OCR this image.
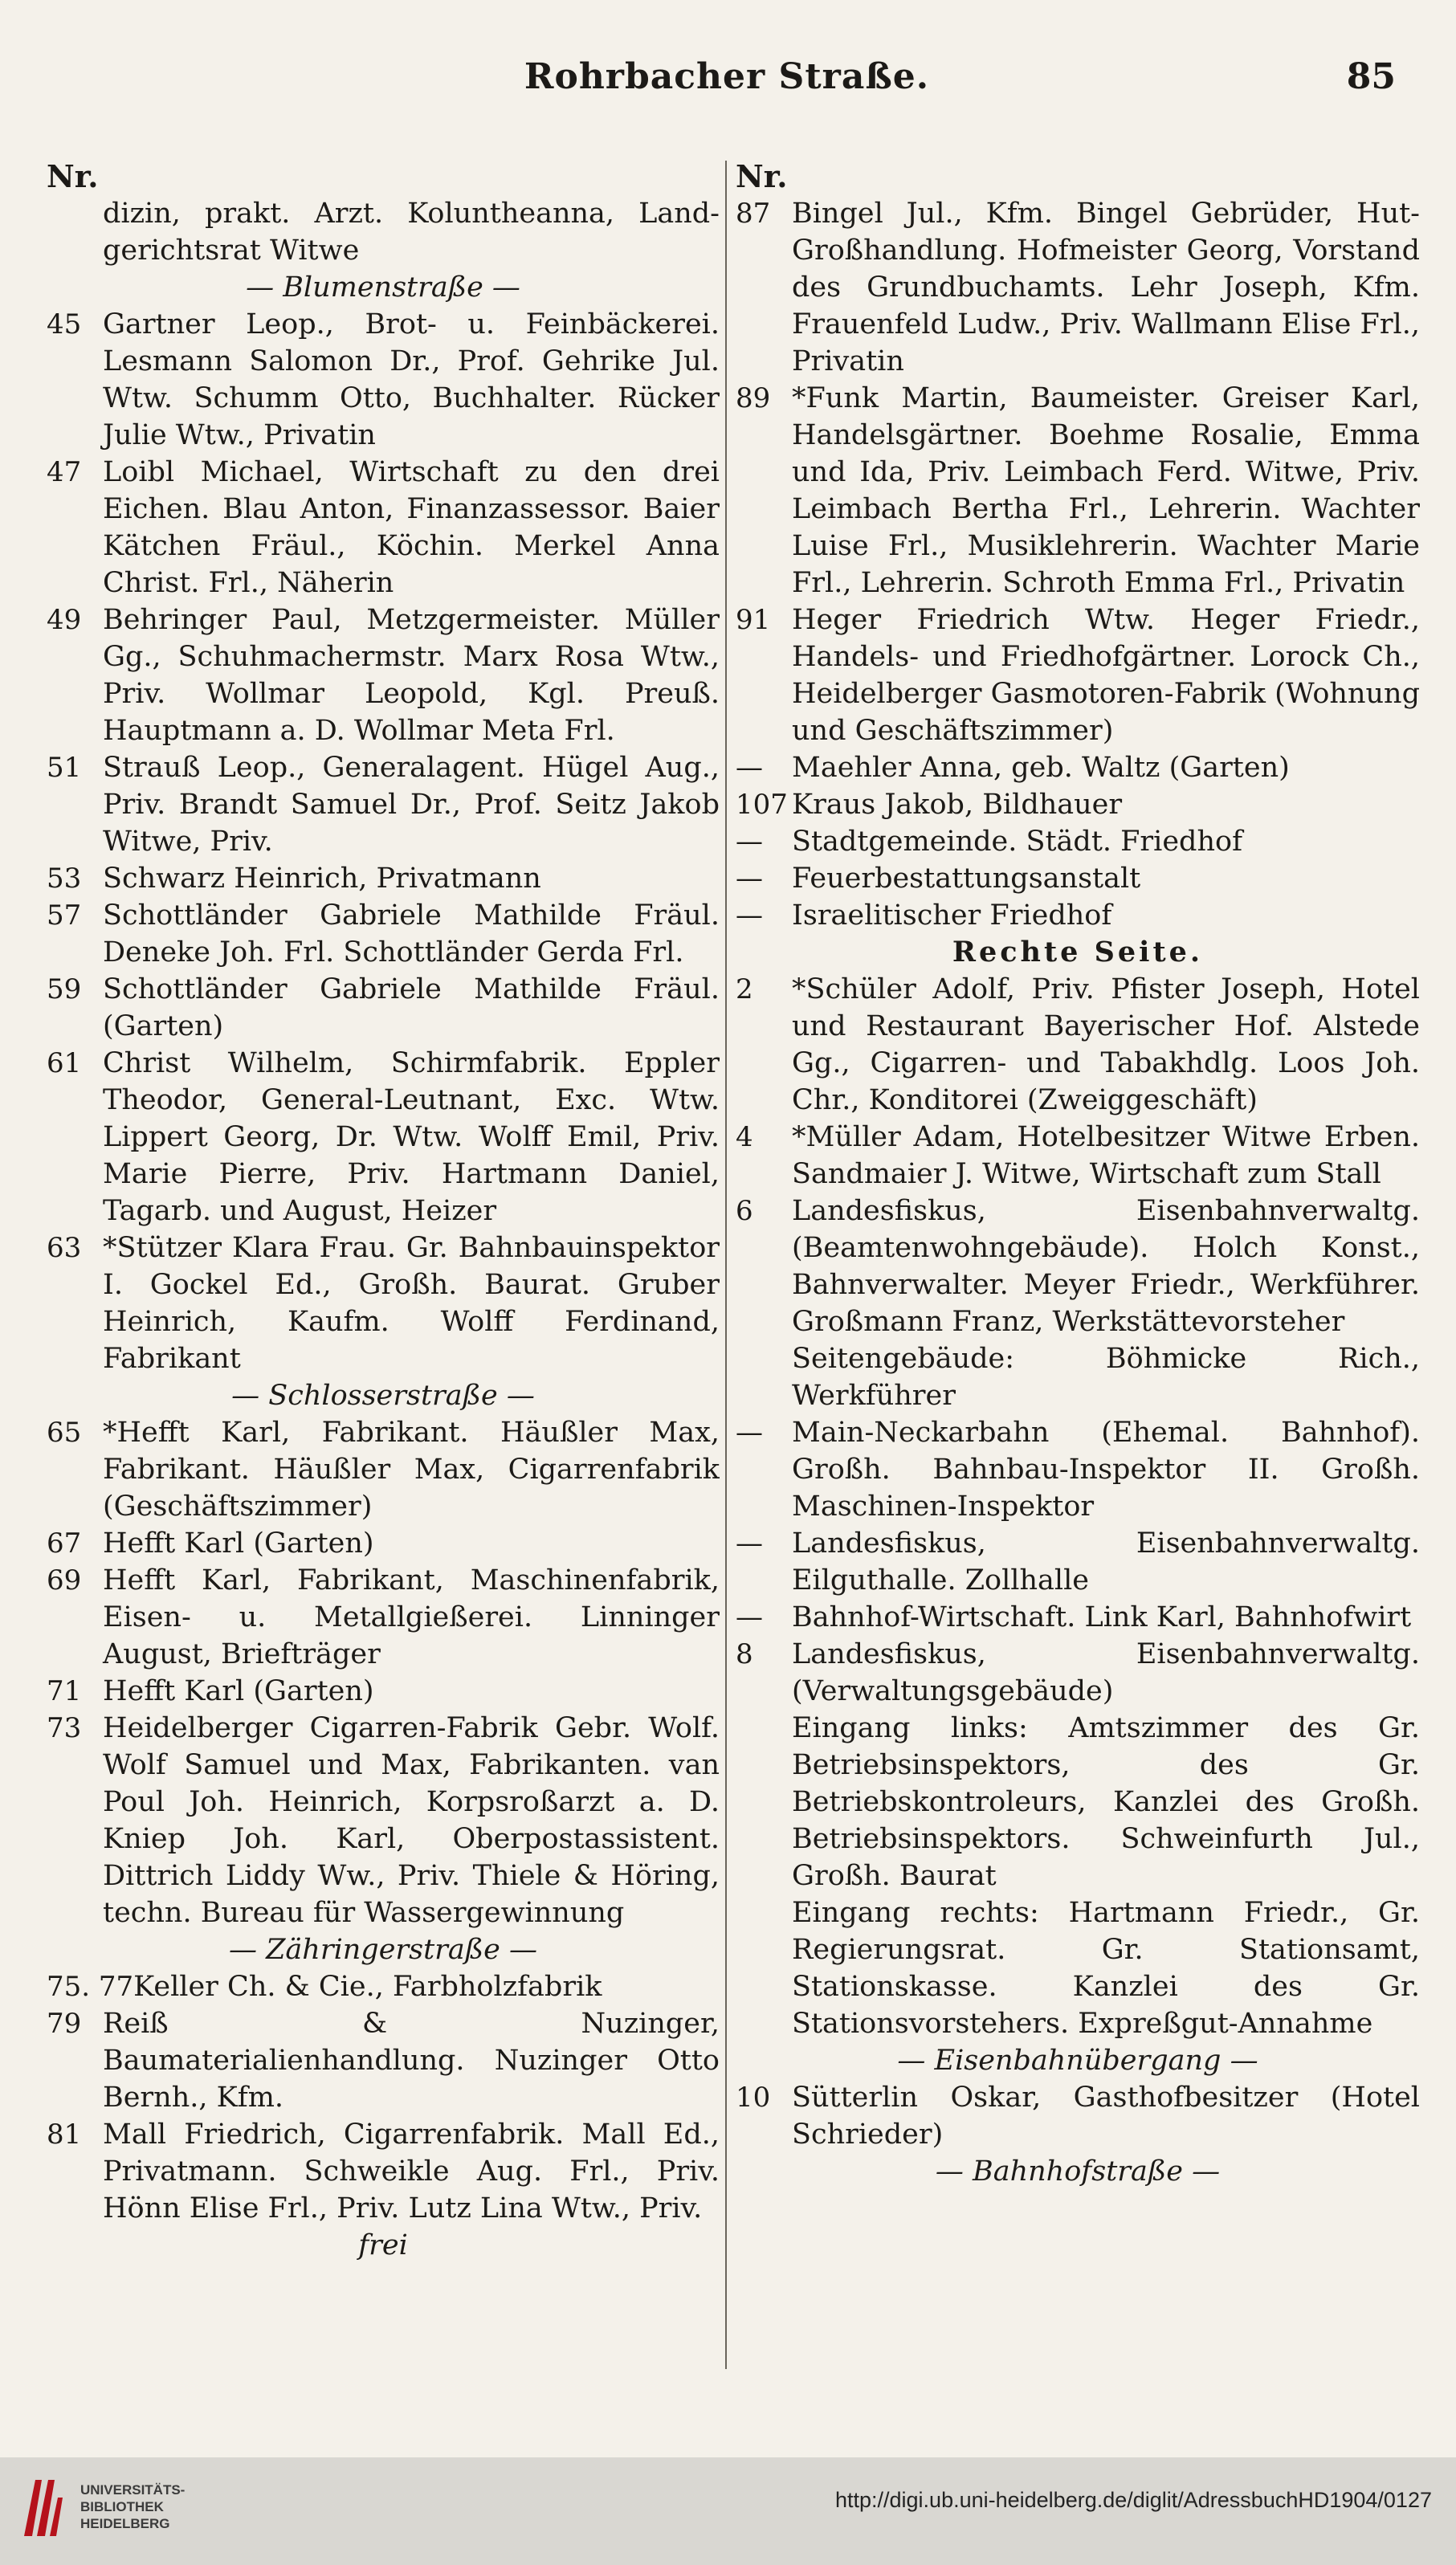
Rohrbacher Straße.	85
Nr.
dizin, prakt. Arzt. Koluntheanna, Land-gerichtsrat Witwe
— Blumenstraße —
45 Gartner Leop., Brot- u. Feinbäckerei. Lesmann Salomon Dr., Prof. Gehrike Jul. Wtw. Schumm Otto, Buchhalter. Rücker Julie Wtw., Privatin
47 Loibl Michael, Wirtschaft zu den drei Eichen. Blau Anton, Finanzassessor. Baier Kätchen Fräul., Köchin. Merkel Anna Christ. Frl., Näherin
49 Behringer Paul, Metzgermeister. Müller Gg., Schuhmachermstr. Marx Rosa Wtw., Priv. Wollmar Leopold, Kgl. Preuß. Hauptmann a. D. Wollmar Meta Frl.
51 Strauß Leop., Generalagent. Hügel Aug., Priv. Brandt Samuel Dr., Prof. Seitz Jakob Witwe, Priv.
53 Schwarz Heinrich, Privatmann
57 Schottländer Gabriele Mathilde Fräul. Deneke Joh. Frl. Schottländer Gerda Frl.
59 Schottländer Gabriele Mathilde Fräul. (Garten)
61 Christ Wilhelm, Schirmfabrik. Eppler Theodor, General-Leutnant, Exc. Wtw. Lippert Georg, Dr. Wtw. Wolff Emil, Priv. Marie Pierre, Priv. Hartmann Daniel, Tagarb. und August, Heizer
63 *Stützer Klara Frau. Gr. Bahnbauinspektor I. Gockel Ed., Großh. Baurat. Gruber Heinrich, Kaufm. Wolff Ferdinand, Fabrikant
— Schlosserstraße —
65 *Hefft Karl, Fabrikant. Häußler Max, Fabrikant. Häußler Max, Cigarrenfabrik (Geschäftszimmer)
67 Hefft Karl (Garten)
69 Hefft Karl, Fabrikant, Maschinenfabrik, Eisen- u. Metallgießerei. Linninger August, Briefträger
71 Hefft Karl (Garten)
73 Heidelberger Cigarren-Fabrik Gebr. Wolf. Wolf Samuel und Max, Fabrikanten. van Poul Joh. Heinrich, Korpsroßarzt a. D. Kniep Joh. Karl, Oberpostassistent. Dittrich Liddy Ww., Priv. Thiele & Höring, techn. Bureau für Wassergewinnung
— Zähringerstraße —
75. 77 Keller Ch. & Cie., Farbholzfabrik
79 Reiß & Nuzinger, Baumaterialienhandlung. Nuzinger Otto Bernh., Kfm.
81 Mall Friedrich, Cigarrenfabrik. Mall Ed., Privatmann. Schweikle Aug. Frl., Priv. Hönn Elise Frl., Priv. Lutz Lina Wtw., Priv.
frei
Nr.
87 Bingel Jul., Kfm. Bingel Gebrüder, Hut-Großhandlung. Hofmeister Georg, Vorstand des Grundbuchamts. Lehr Joseph, Kfm. Frauenfeld Ludw., Priv. Wallmann Elise Frl., Privatin
89 *Funk Martin, Baumeister. Greiser Karl, Handelsgärtner. Boehme Rosalie, Emma und Ida, Priv. Leimbach Ferd. Witwe, Priv. Leimbach Bertha Frl., Lehrerin. Wachter Luise Frl., Musiklehrerin. Wachter Marie Frl., Lehrerin. Schroth Emma Frl., Privatin
91 Heger Friedrich Wtw. Heger Friedr., Handels- und Friedhofgärtner. Lorock Ch., Heidelberger Gasmotoren-Fabrik (Wohnung und Geschäftszimmer)
—	Maehler Anna, geb. Waltz (Garten)
107 Kraus Jakob, Bildhauer
—	Stadtgemeinde. Städt. Friedhof
—	Feuerbestattungsanstalt
—	Israelitischer Friedhof
Rechte Seite.
2	*Schüler Adolf, Priv. Pfister Joseph, Hotel und Restaurant Bayerischer Hof. Alstede Gg., Cigarren- und Tabakhdlg. Loos Joh. Chr., Konditorei (Zweiggeschäft)
4	*Müller Adam, Hotelbesitzer Witwe Erben. Sandmaier J. Witwe, Wirtschaft zum Stall
6	Landesfiskus, Eisenbahnverwaltg. (Beamtenwohngebäude). Holch Konst., Bahnverwalter. Meyer Friedr., Werkführer. Großmann Franz, Werkstättevorsteher
Seitengebäude: Böhmicke Rich., Werkführer
—	Main-Neckarbahn (Ehemal. Bahnhof). Großh. Bahnbau-Inspektor II. Großh. Maschinen-Inspektor
—	Landesfiskus, Eisenbahnverwaltg. Eilguthalle. Zollhalle
—	Bahnhof-Wirtschaft. Link Karl, Bahnhofwirt
8	Landesfiskus, Eisenbahnverwaltg. (Verwaltungsgebäude)
Eingang links: Amtszimmer des Gr. Betriebsinspektors, des Gr. Betriebskontroleurs, Kanzlei des Großh. Betriebsinspektors. Schweinfurth Jul., Großh. Baurat
Eingang rechts: Hartmann Friedr., Gr. Regierungsrat. Gr. Stationsamt, Stationskasse. Kanzlei des Gr. Stationsvorstehers. Expreßgut-Annahme
— Eisenbahnübergang —
10 Sütterlin Oskar, Gasthofbesitzer (Hotel Schrieder)
— Bahnhofstraße —
UNIVERSITÄTS-
BIBLIOTHEK
HEIDELBERG
http://digi.ub.uni-heidelberg.de/diglit/AdressbuchHD1904/0127
